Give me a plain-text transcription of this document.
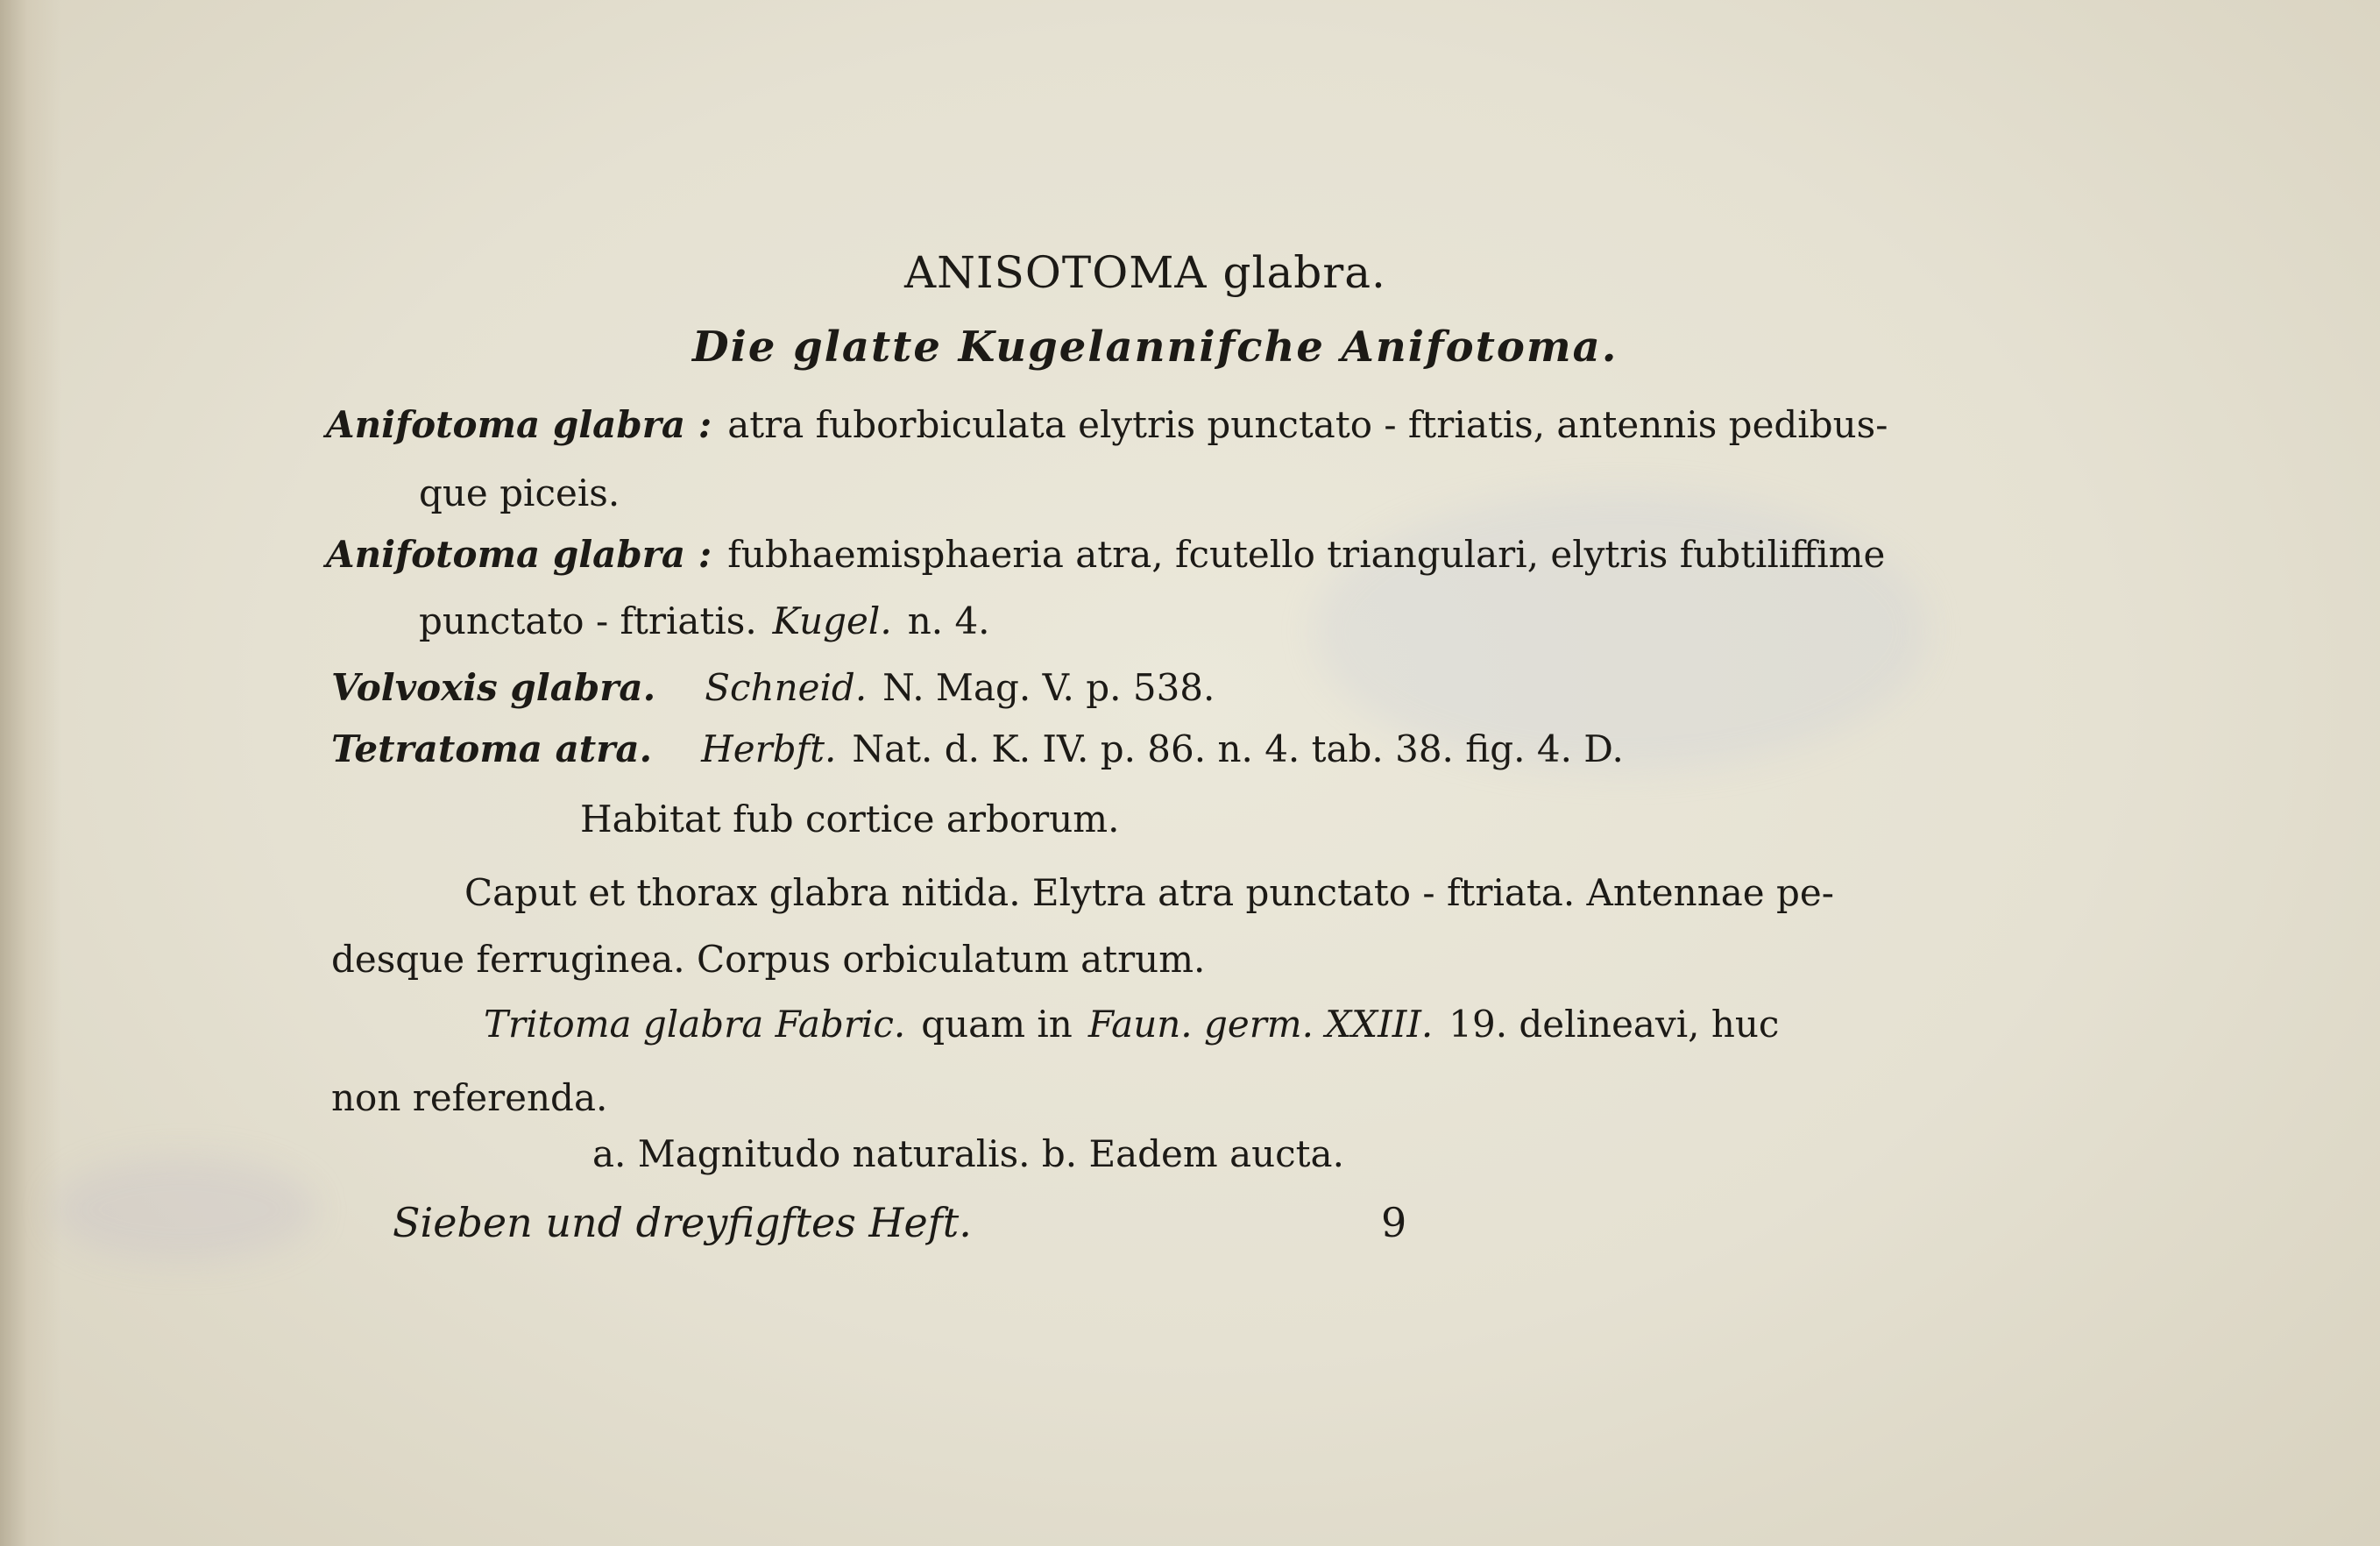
ANISOTOMA glabra.
Die glatte Kugelannifche Anifotoma.
Anifotoma glabra : atra fuborbiculata elytris punctato - ftriatis, antennis pedibus-
que piceis.
Anifotoma glabra : fubhaemisphaeria atra, fcutello triangulari, elytris fubtiliffime
punctato - ftriatis. Kugel. n. 4.
Volvoxis glabra. Schneid. N. Mag. V. p. 538.
Tetratoma atra. Herbft. Nat. d. K. IV. p. 86. n. 4. tab. 38. fig. 4. D.
Habitat fub cortice arborum.
Caput et thorax glabra nitida. Elytra atra punctato - ftriata. Antennae pe-
desque ferruginea. Corpus orbiculatum atrum.
Tritoma glabra Fabric. quam in Faun. germ. XXIII. 19. delineavi, huc
non referenda.
a. Magnitudo naturalis. b. Eadem aucta.
Sieben und dreyfigftes Heft.	9
